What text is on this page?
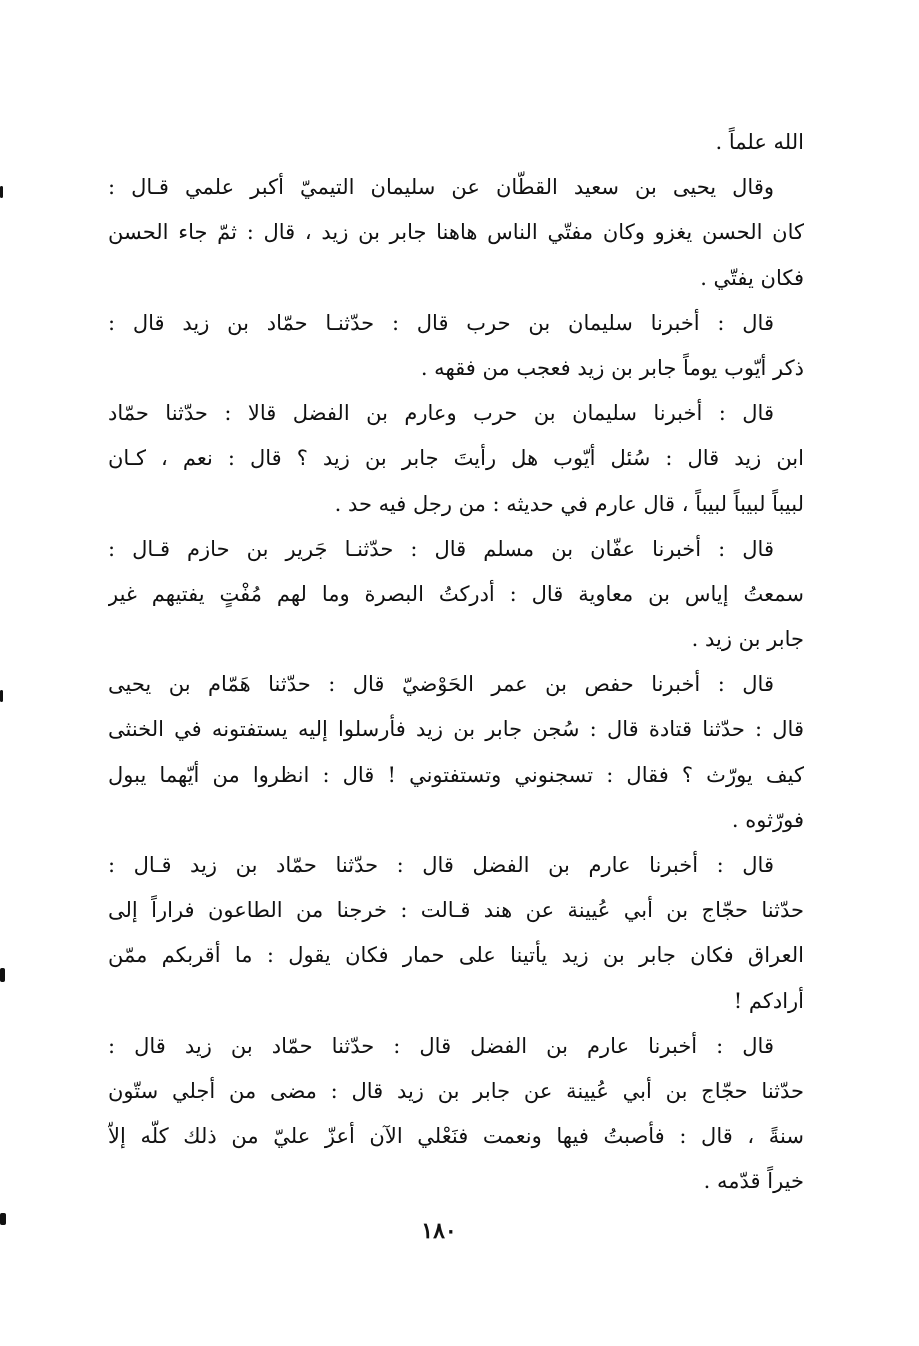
الله علماً .

وقال يحيى بن سعيد القطّان عن سليمان التيميّ أكبر علمي قـال :
كان الحسن يغزو وكان مفتّي الناس هاهنا جابر بن زيد ، قال : ثمّ جاء الحسن
فكان يفتّي .

قال : أخبرنا سليمان بن حرب قال : حدّثنـا حمّاد بن زيد قال :
ذكر أيّوب يوماً جابر بن زيد فعجب من فقهه .

قال : أخبرنا سليمان بن حرب وعارم بن الفضل قالا : حدّثنا حمّاد
ابن زيد قال : سُئل أيّوب هل رأيتَ جابر بن زيد ؟ قال : نعم ، كـان
لبيباً لبيباً لبيباً ، قال عارم في حديثه : من رجل فيه حد .

قال : أخبرنا عفّان بن مسلم قال : حدّثنـا جَرير بن حازم قـال :
سمعتُ إياس بن معاوية قال : أدركتُ البصرة وما لهم مُفْتٍ يفتيهم غير
جابر بن زيد .

قال : أخبرنا حفص بن عمر الحَوْضيّ قال : حدّثنا هَمّام بن يحيى
قال : حدّثنا قتادة قال : سُجن جابر بن زيد فأرسلوا إليه يستفتونه في الخنثى
كيف يورّث ؟ فقال : تسجنوني وتستفتوني ! قال : انظروا من أيّهما يبول
فورّثوه .

قال : أخبرنا عارم بن الفضل قال : حدّثنا حمّاد بن زيد قـال :
حدّثنا حجّاج بن أبي عُيينة عن هند قـالت : خرجنا من الطاعون فراراً إلى
العراق فكان جابر بن زيد يأتينا على حمار فكان يقول : ما أقربكم ممّن
أرادكم !

قال : أخبرنا عارم بن الفضل قال : حدّثنا حمّاد بن زيد قال :
حدّثنا حجّاج بن أبي عُيينة عن جابر بن زيد قال : مضى من أجلي ستّون
سنةً ، قال : فأصبتُ فيها ونعمت فنَعْلي الآن أعزّ عليّ من ذلك كلّه إلاّ
خيراً قدّمه .

١٨٠
